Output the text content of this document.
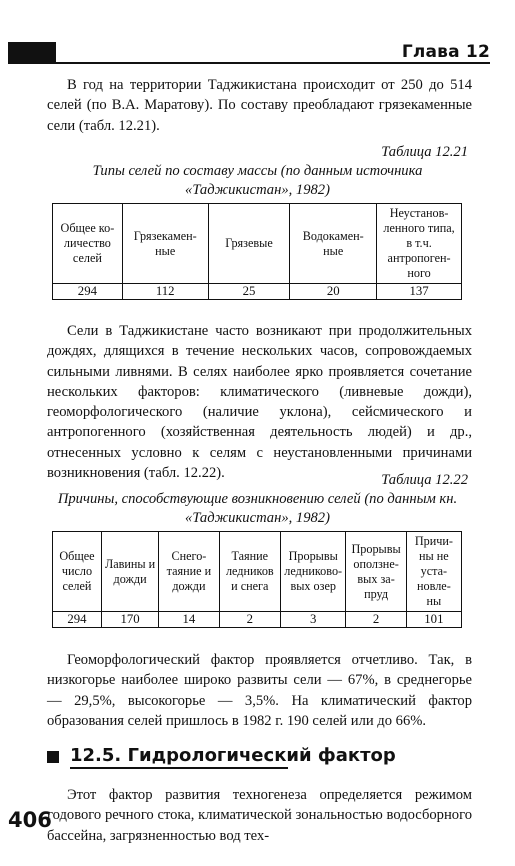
Глава 12

В год на территории Таджикистана происходит от 250 до 514 селей (по В.А. Маратову). По составу преобладают грязекаменные сели (табл. 12.21).

Таблица 12.21

Типы селей по составу массы (по данным источника «Таджикистан», 1982)

Общее ко- личество селей	Грязекамен- ные	Грязевые	Водокамен- ные	Неустанов- ленного типа, в т.ч. антропоген- ного
294	112	25	20	137

Сели в Таджикистане часто возникают при продолжительных дождях, длящихся в течение нескольких часов, сопровождаемых сильными ливнями. В селях наиболее ярко проявляется сочетание нескольких факторов: климатического (ливневые дожди), геоморфологического (наличие уклона), сейсмического и антропогенного (хозяйственная деятельность людей) и др., отнесенных условно к селям с неустановленными причинами возникновения (табл. 12.22).	Таблица 12.22

Причины, способствующие возникновению селей (по данным кн. «Таджикистан», 1982)

Общее число селей	Лавины и дожди	Снего- таяние и дожди	Таяние ледников и снега	Прорывы ледниково- вых озер	Прорывы оползне- вых за- пруд	Причи- ны не уста- новле- ны
294	170	14	2	3	2	101

Геоморфологический фактор проявляется отчетливо. Так, в низкогорье наиболее широко развиты сели — 67%, в среднегорье — 29,5%, высокогорье — 3,5%. На климатический фактор образования селей пришлось в 1982 г. 190 селей или до 66%.

12.5. Гидрологический фактор

Этот фактор развития техногенеза определяется режимом годового речного стока, климатической зональностью водосборного бассейна, загрязненностью вод тех-

406
